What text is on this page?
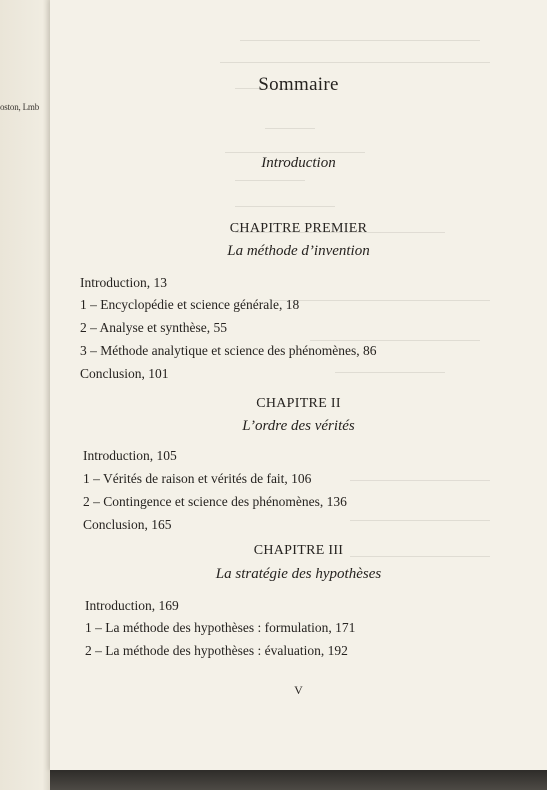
oston, Lmb
Sommaire
Introduction
CHAPITRE PREMIER
La méthode d’invention
Introduction, 13
1 – Encyclopédie et science générale, 18
2 – Analyse et synthèse, 55
3 – Méthode analytique et science des phénomènes, 86
Conclusion, 101
CHAPITRE II
L’ordre des vérités
Introduction, 105
1 – Vérités de raison et vérités de fait, 106
2 – Contingence et science des phénomènes, 136
Conclusion, 165
CHAPITRE III
La stratégie des hypothèses
Introduction, 169
1 – La méthode des hypothèses : formulation, 171
2 – La méthode des hypothèses : évaluation, 192
V
